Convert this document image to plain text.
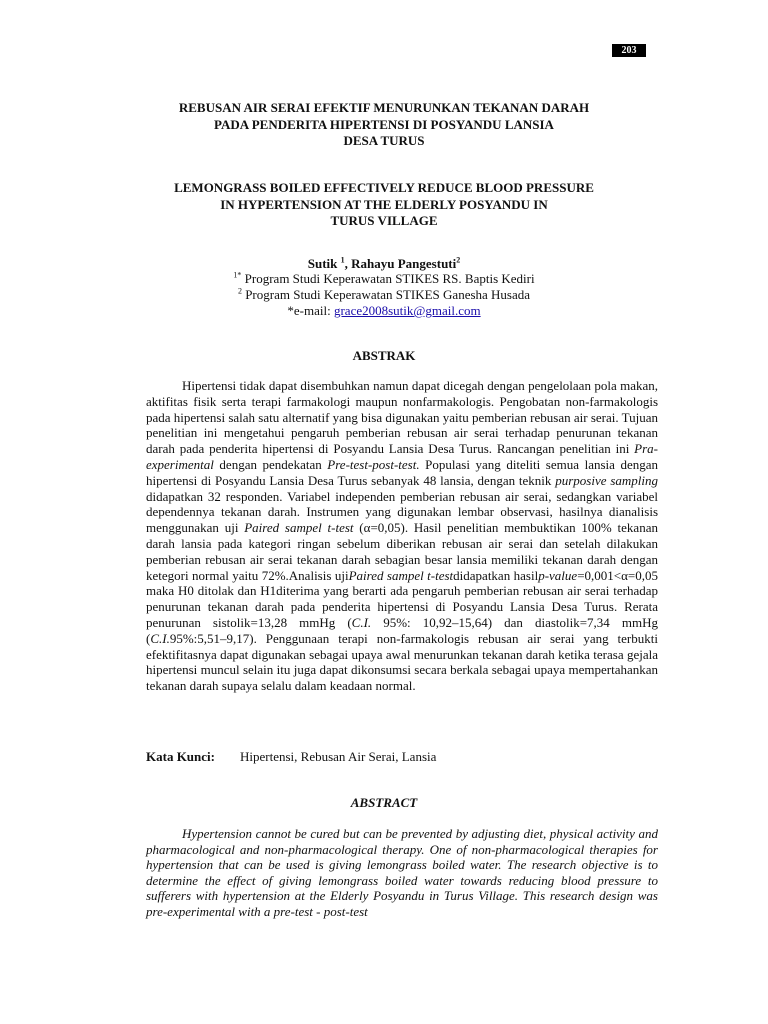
203
REBUSAN AIR SERAI EFEKTIF MENURUNKAN TEKANAN DARAH
PADA PENDERITA HIPERTENSI DI POSYANDU LANSIA
DESA TURUS
LEMONGRASS BOILED EFFECTIVELY REDUCE BLOOD PRESSURE
IN HYPERTENSION AT THE ELDERLY POSYANDU IN
TURUS VILLAGE
Sutik $^1$, Rahayu Pangestuti$^2$
$^{1*}$ Program Studi Keperawatan STIKES RS. Baptis Kediri
$^2$ Program Studi Keperawatan STIKES Ganesha Husada
*e-mail: grace2008sutik@gmail.com
ABSTRAK

Hipertensi tidak dapat disembuhkan namun dapat dicegah dengan pengelolaan pola makan, aktifitas fisik serta terapi farmakologi maupun nonfarmakologis. Pengobatan non-farmakologis pada hipertensi salah satu alternatif yang bisa digunakan yaitu pemberian rebusan air serai. Tujuan penelitian ini mengetahui pengaruh pemberian rebusan air serai terhadap penurunan tekanan darah pada penderita hipertensi di Posyandu Lansia Desa Turus. Rancangan penelitian ini Pra-experimental dengan pendekatan Pre-test-post-test. Populasi yang diteliti semua lansia dengan hipertensi di Posyandu Lansia Desa Turus sebanyak 48 lansia, dengan teknik purposive sampling didapatkan 32 responden. Variabel independen pemberian rebusan air serai, sedangkan variabel dependennya tekanan darah. Instrumen yang digunakan lembar observasi, hasilnya dianalisis menggunakan uji Paired sampel t-test (α=0,05). Hasil penelitian membuktikan 100% tekanan darah lansia pada kategori ringan sebelum diberikan rebusan air serai dan setelah dilakukan pemberian rebusan air serai tekanan darah sebagian besar lansia memiliki tekanan darah dengan ketegori normal yaitu 72%.Analisis ujiPaired sampel t-testdidapatkan hasilp-value=0,001<α=0,05 maka H0 ditolak dan H1diterima yang berarti ada pengaruh pemberian rebusan air serai terhadap penurunan tekanan darah pada penderita hipertensi di Posyandu Lansia Desa Turus. Rerata penurunan sistolik=13,28 mmHg (C.I. 95%: 10,92–15,64) dan diastolik=7,34 mmHg (C.I.95%:5,51–9,17). Penggunaan terapi non-farmakologis rebusan air serai yang terbukti efektifitasnya dapat digunakan sebagai upaya awal menurunkan tekanan darah ketika terasa gejala hipertensi muncul selain itu juga dapat dikonsumsi secara berkala sebagai upaya mempertahankan tekanan darah supaya selalu dalam keadaan normal.

Kata Kunci: Hipertensi, Rebusan Air Serai, Lansia
ABSTRACT

Hypertension cannot be cured but can be prevented by adjusting diet, physical activity and pharmacological and non-pharmacological therapy. One of non-pharmacological therapies for hypertension that can be used is giving lemongrass boiled water. The research objective is to determine the effect of giving lemongrass boiled water towards reducing blood pressure to sufferers with hypertension at the Elderly Posyandu in Turus Village. This research design was pre-experimental with a pre-test - post-test
